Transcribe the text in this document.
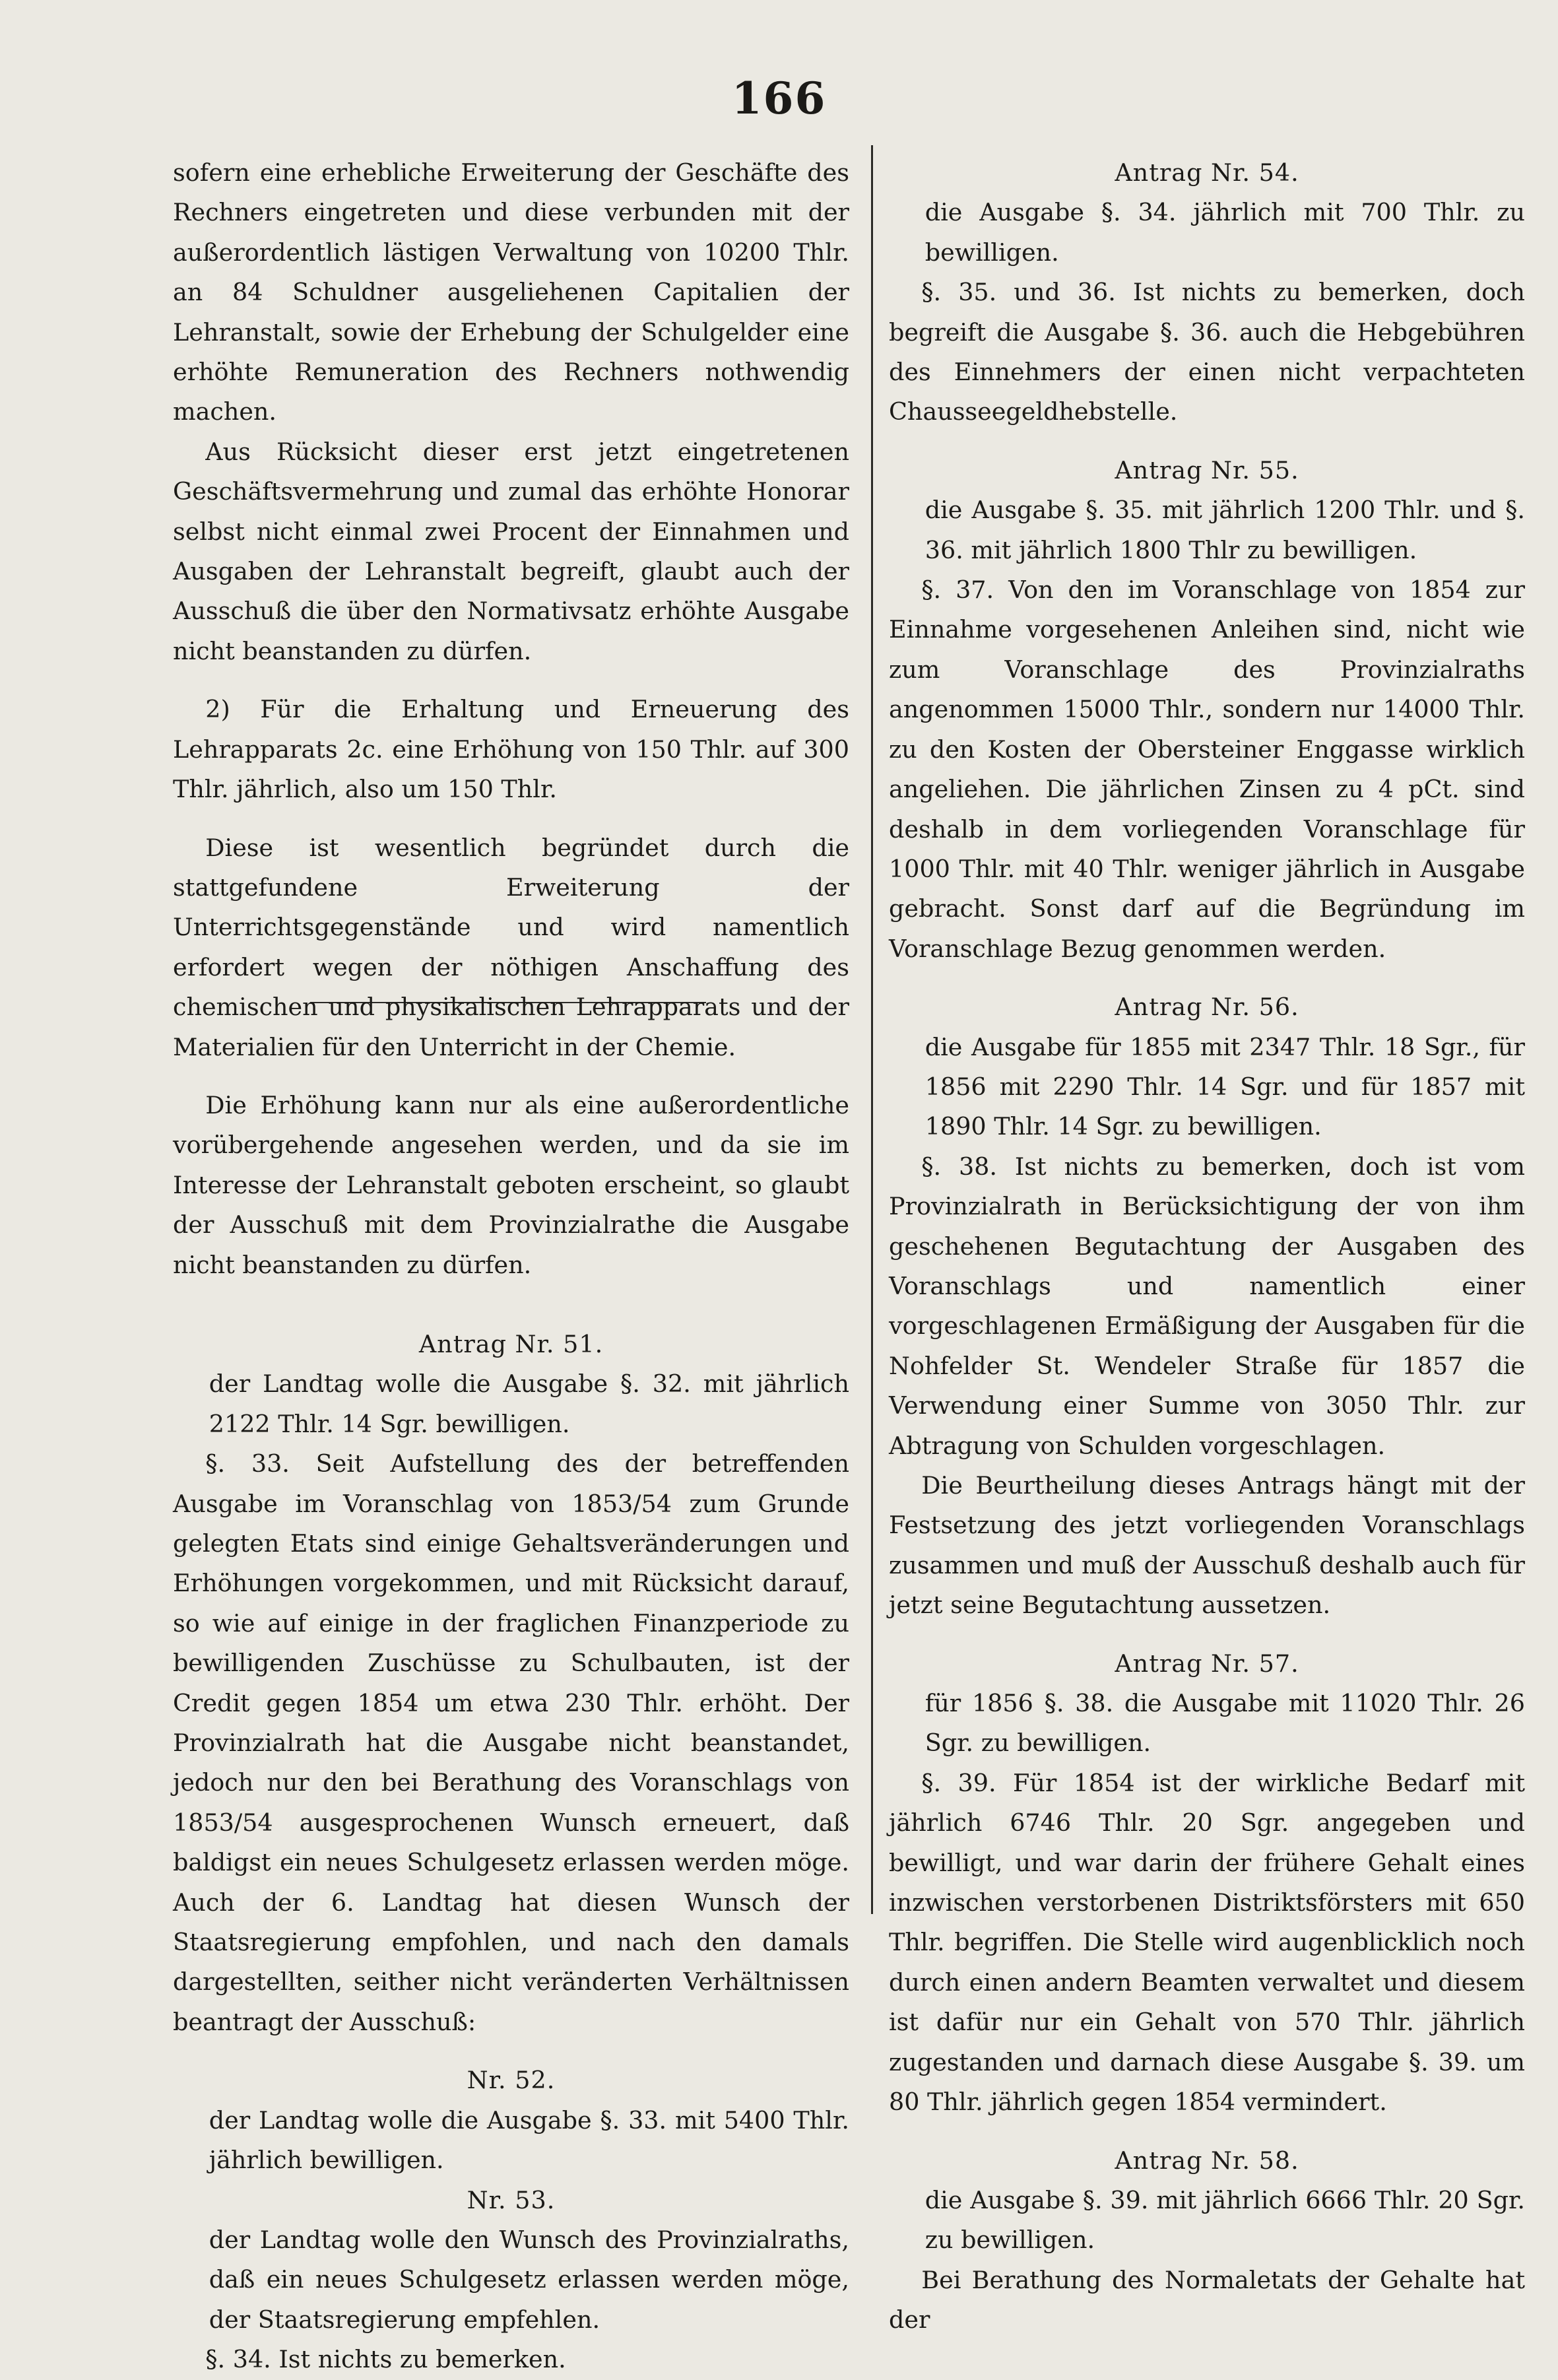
166

sofern eine erhebliche Erweiterung der Geschäfte des Rechners eingetreten und diese verbunden mit der außerordentlich lästigen Verwaltung von 10200 Thlr. an 84 Schuldner ausgeliehenen Capitalien der Lehranstalt, sowie der Erhebung der Schulgelder eine erhöhte Remuneration des Rechners nothwendig machen.

Aus Rücksicht dieser erst jetzt eingetretenen Geschäftsvermehrung und zumal das erhöhte Honorar selbst nicht einmal zwei Procent der Einnahmen und Ausgaben der Lehranstalt begreift, glaubt auch der Ausschuß die über den Normativsatz erhöhte Ausgabe nicht beanstanden zu dürfen.

2) Für die Erhaltung und Erneuerung des Lehrapparats 2c. eine Erhöhung von 150 Thlr. auf 300 Thlr. jährlich, also um 150 Thlr.

Diese ist wesentlich begründet durch die stattgefundene Erweiterung der Unterrichtsgegenstände und wird namentlich erfordert wegen der nöthigen Anschaffung des chemischen und physikalischen Lehrapparats und der Materialien für den Unterricht in der Chemie.

Die Erhöhung kann nur als eine außerordentliche vorübergehende angesehen werden, und da sie im Interesse der Lehranstalt geboten erscheint, so glaubt der Ausschuß mit dem Provinzialrathe die Ausgabe nicht beanstanden zu dürfen.

Antrag Nr. 51.

der Landtag wolle die Ausgabe §. 32. mit jährlich 2122 Thlr. 14 Sgr. bewilligen.

§. 33. Seit Aufstellung des der betreffenden Ausgabe im Voranschlag von 1853/54 zum Grunde gelegten Etats sind einige Gehaltsveränderungen und Erhöhungen vorgekommen, und mit Rücksicht darauf, so wie auf einige in der fraglichen Finanzperiode zu bewilligenden Zuschüsse zu Schulbauten, ist der Credit gegen 1854 um etwa 230 Thlr. erhöht. Der Provinzialrath hat die Ausgabe nicht beanstandet, jedoch nur den bei Berathung des Voranschlags von 1853/54 ausgesprochenen Wunsch erneuert, daß baldigst ein neues Schulgesetz erlassen werden möge. Auch der 6. Landtag hat diesen Wunsch der Staatsregierung empfohlen, und nach den damals dargestellten, seither nicht veränderten Verhältnissen beantragt der Ausschuß:

Nr. 52.

der Landtag wolle die Ausgabe §. 33. mit 5400 Thlr. jährlich bewilligen.

Nr. 53.

der Landtag wolle den Wunsch des Provinzialraths, daß ein neues Schulgesetz erlassen werden möge, der Staatsregierung empfehlen.

§. 34. Ist nichts zu bemerken.

Antrag Nr. 54.

die Ausgabe §. 34. jährlich mit 700 Thlr. zu bewilligen.

§. 35. und 36. Ist nichts zu bemerken, doch begreift die Ausgabe §. 36. auch die Hebgebühren des Einnehmers der einen nicht verpachteten Chausseegeldhebstelle.

Antrag Nr. 55.

die Ausgabe §. 35. mit jährlich 1200 Thlr. und §. 36. mit jährlich 1800 Thlr zu bewilligen.

§. 37. Von den im Voranschlage von 1854 zur Einnahme vorgesehenen Anleihen sind, nicht wie zum Voranschlage des Provinzialraths angenommen 15000 Thlr., sondern nur 14000 Thlr. zu den Kosten der Obersteiner Enggasse wirklich angeliehen. Die jährlichen Zinsen zu 4 pCt. sind deshalb in dem vorliegenden Voranschlage für 1000 Thlr. mit 40 Thlr. weniger jährlich in Ausgabe gebracht. Sonst darf auf die Begründung im Voranschlage Bezug genommen werden.

Antrag Nr. 56.

die Ausgabe für 1855 mit 2347 Thlr. 18 Sgr., für 1856 mit 2290 Thlr. 14 Sgr. und für 1857 mit 1890 Thlr. 14 Sgr. zu bewilligen.

§. 38. Ist nichts zu bemerken, doch ist vom Provinzialrath in Berücksichtigung der von ihm geschehenen Begutachtung der Ausgaben des Voranschlags und namentlich einer vorgeschlagenen Ermäßigung der Ausgaben für die Nohfelder St. Wendeler Straße für 1857 die Verwendung einer Summe von 3050 Thlr. zur Abtragung von Schulden vorgeschlagen.

Die Beurtheilung dieses Antrags hängt mit der Festsetzung des jetzt vorliegenden Voranschlags zusammen und muß der Ausschuß deshalb auch für jetzt seine Begutachtung aussetzen.

Antrag Nr. 57.

für 1856 §. 38. die Ausgabe mit 11020 Thlr. 26 Sgr. zu bewilligen.

§. 39. Für 1854 ist der wirkliche Bedarf mit jährlich 6746 Thlr. 20 Sgr. angegeben und bewilligt, und war darin der frühere Gehalt eines inzwischen verstorbenen Distriktsförsters mit 650 Thlr. begriffen. Die Stelle wird augenblicklich noch durch einen andern Beamten verwaltet und diesem ist dafür nur ein Gehalt von 570 Thlr. jährlich zugestanden und darnach diese Ausgabe §. 39. um 80 Thlr. jährlich gegen 1854 vermindert.

Antrag Nr. 58.

die Ausgabe §. 39. mit jährlich 6666 Thlr. 20 Sgr. zu bewilligen.

Bei Berathung des Normaletats der Gehalte hat der
